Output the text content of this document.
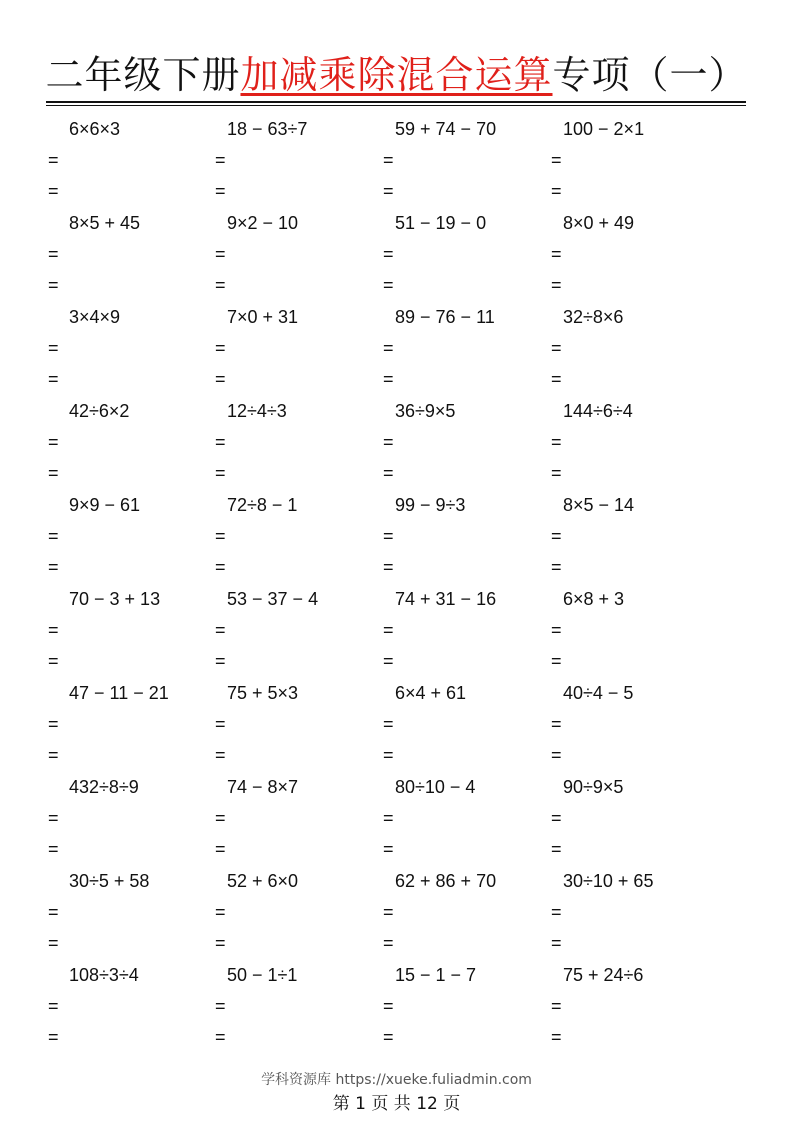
二年级下册加减乘除混合运算专项（一）
6×6×3
=
=
18 − 63÷7
=
=
59 + 74 − 70
=
=
100 − 2×1
=
=
8×5 + 45
=
=
9×2 − 10
=
=
51 − 19 − 0
=
=
8×0 + 49
=
=
3×4×9
=
=
7×0 + 31
=
=
89 − 76 − 11
=
=
32÷8×6
=
=
42÷6×2
=
=
12÷4÷3
=
=
36÷9×5
=
=
144÷6÷4
=
=
9×9 − 61
=
=
72÷8 − 1
=
=
99 − 9÷3
=
=
8×5 − 14
=
=
70 − 3 + 13
=
=
53 − 37 − 4
=
=
74 + 31 − 16
=
=
6×8 + 3
=
=
47 − 11 − 21
=
=
75 + 5×3
=
=
6×4 + 61
=
=
40÷4 − 5
=
=
432÷8÷9
=
=
74 − 8×7
=
=
80÷10 − 4
=
=
90÷9×5
=
=
30÷5 + 58
=
=
52 + 6×0
=
=
62 + 86 + 70
=
=
30÷10 + 65
=
=
108÷3÷4
=
=
50 − 1÷1
=
=
15 − 1 − 7
=
=
75 + 24÷6
=
=
学科资源库 https://xueke.fuliadmin.com
第 1 页 共 12 页
